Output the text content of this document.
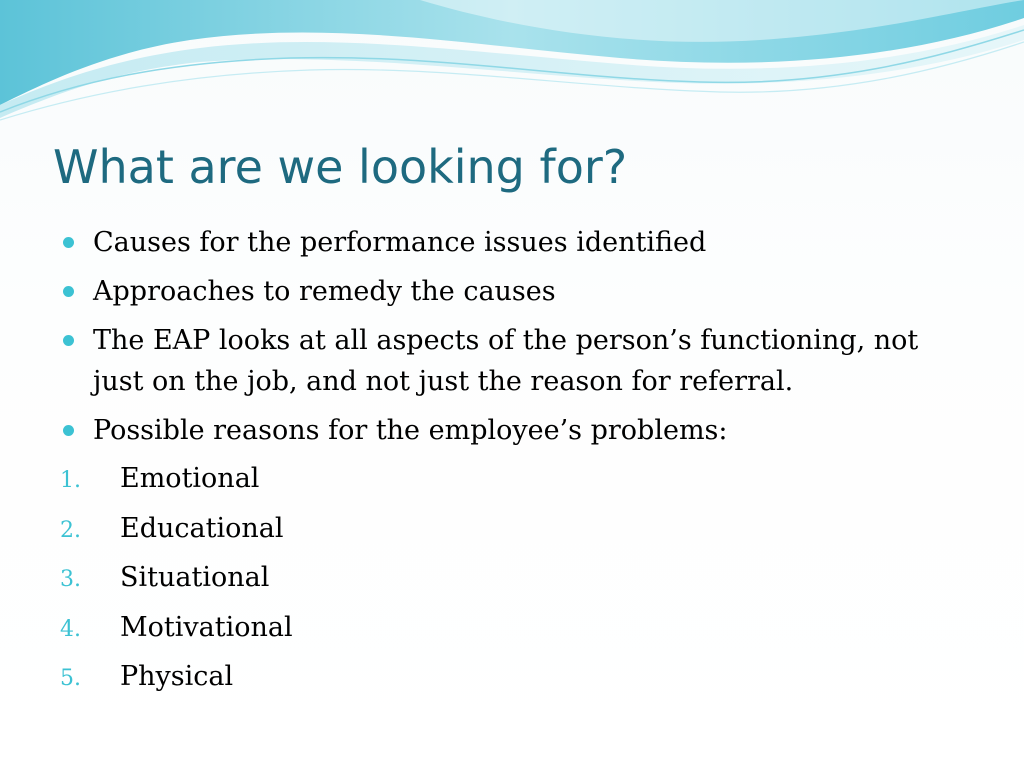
What are we looking for?
Causes for the performance issues identified
Approaches to remedy the causes
The EAP looks at all aspects of the person’s functioning, not just on the job, and not just the reason for referral.
Possible reasons for the employee’s problems:
1. Emotional
2. Educational
3. Situational
4. Motivational
5. Physical
